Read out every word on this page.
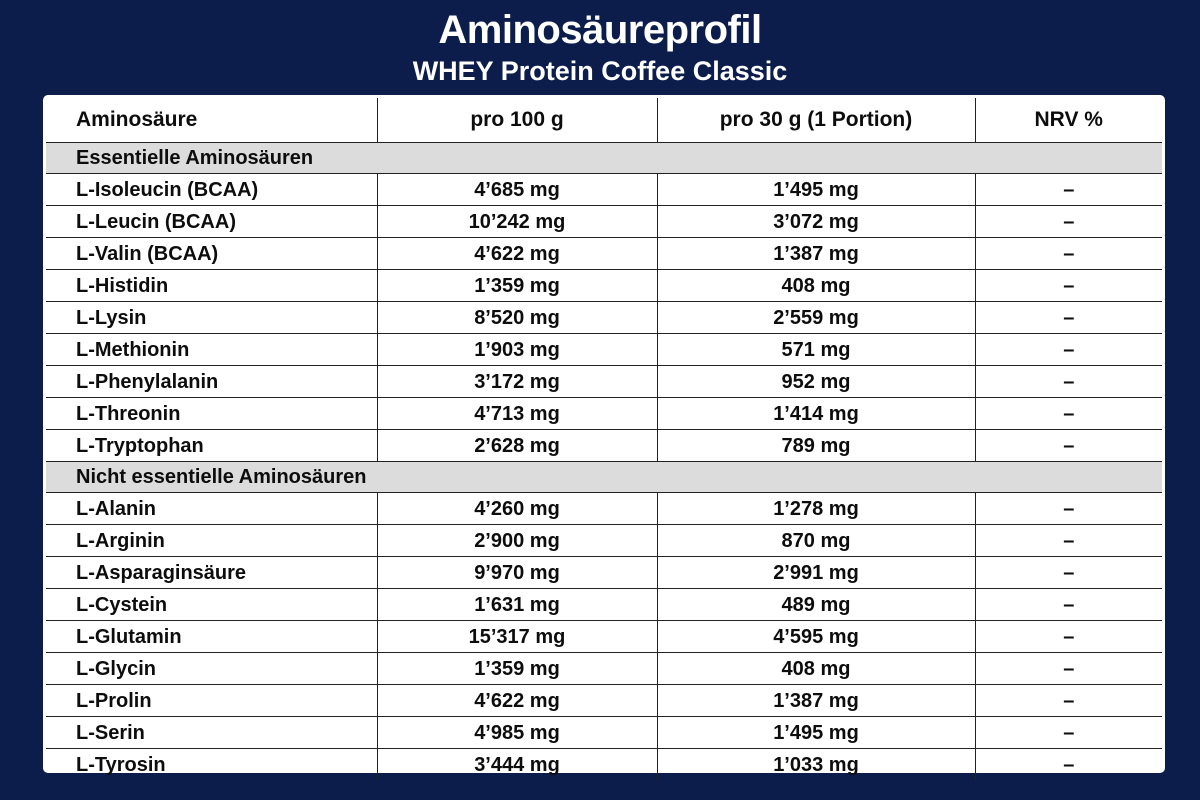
Aminosäureprofil
WHEY Protein Coffee Classic
Aminosäure	pro 100 g	pro 30 g (1 Portion)	NRV %
Essentielle Aminosäuren			
L-Isoleucin (BCAA)	4’685 mg	1’495 mg	–
L-Leucin (BCAA)	10’242 mg	3’072 mg	–
L-Valin (BCAA)	4’622 mg	1’387 mg	–
L-Histidin	1’359 mg	408 mg	–
L-Lysin	8’520 mg	2’559 mg	–
L-Methionin	1’903 mg	571 mg	–
L-Phenylalanin	3’172 mg	952 mg	–
L-Threonin	4’713 mg	1’414 mg	–
L-Tryptophan	2’628 mg	789 mg	–
Nicht essentielle Aminosäuren			
L-Alanin	4’260 mg	1’278 mg	–
L-Arginin	2’900 mg	870 mg	–
L-Asparaginsäure	9’970 mg	2’991 mg	–
L-Cystein	1’631 mg	489 mg	–
L-Glutamin	15’317 mg	4’595 mg	–
L-Glycin	1’359 mg	408 mg	–
L-Prolin	4’622 mg	1’387 mg	–
L-Serin	4’985 mg	1’495 mg	–
L-Tyrosin	3’444 mg	1’033 mg	–
